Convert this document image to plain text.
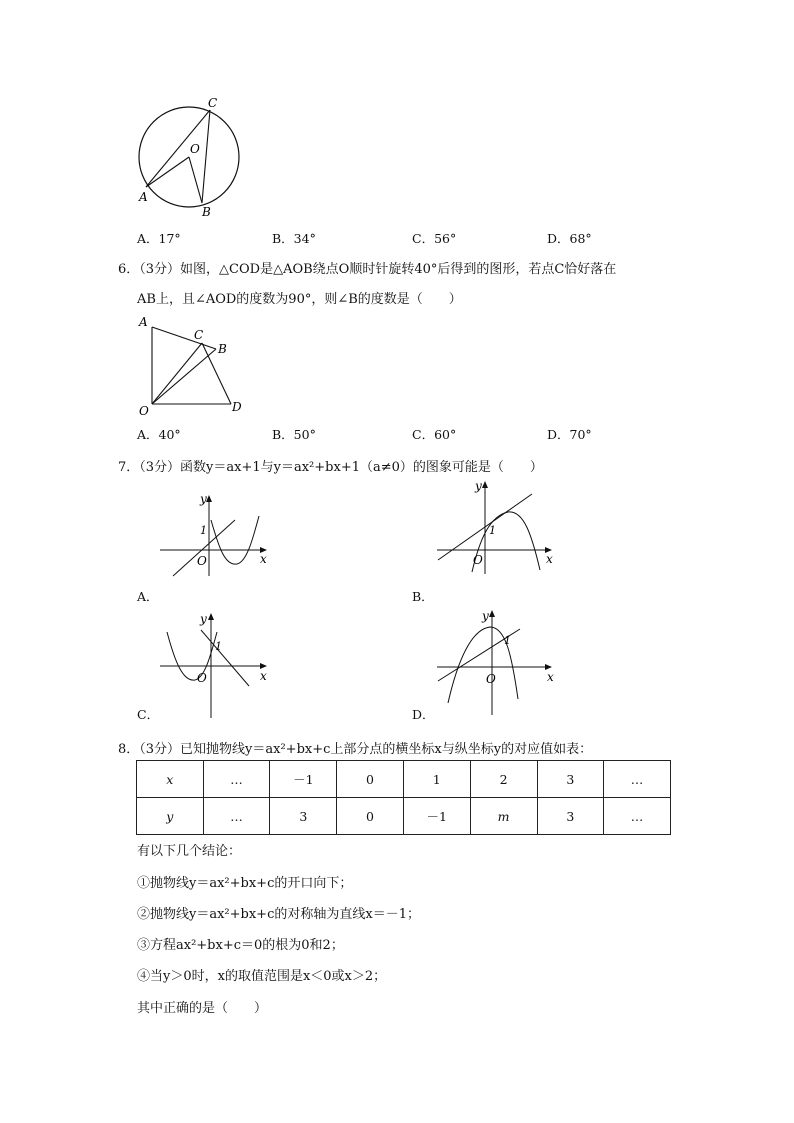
C
O
A
B
A．17°	B．34°	C．56°	D．68°
6．（3分）如图，△COD是△AOB绕点O顺时针旋转40°后得到的图形，若点C恰好落在
AB上，且∠AOD的度数为90°，则∠B的度数是（　　）
A
C
B
O	D
A．40°	B．50°	C．60°	D．70°
7．（3分）函数y＝ax+1与y＝ax²+bx+1（a≠0）的图象可能是（　　）
y
x
O
1
A．
y
x
O
1
B．
y
x
O
1
C．
y
x
O
1
D．
8．（3分）已知抛物线y＝ax²+bx+c上部分点的横坐标x与纵坐标y的对应值如表：
x	…	－1	0	1	2	3	…
y	…	3	0	－1	m	3	…
有以下几个结论：
①抛物线y＝ax²+bx+c的开口向下；
②抛物线y＝ax²+bx+c的对称轴为直线x＝－1；
③方程ax²+bx+c＝0的根为0和2；
④当y＞0时，x的取值范围是x＜0或x＞2；
其中正确的是（　　）
